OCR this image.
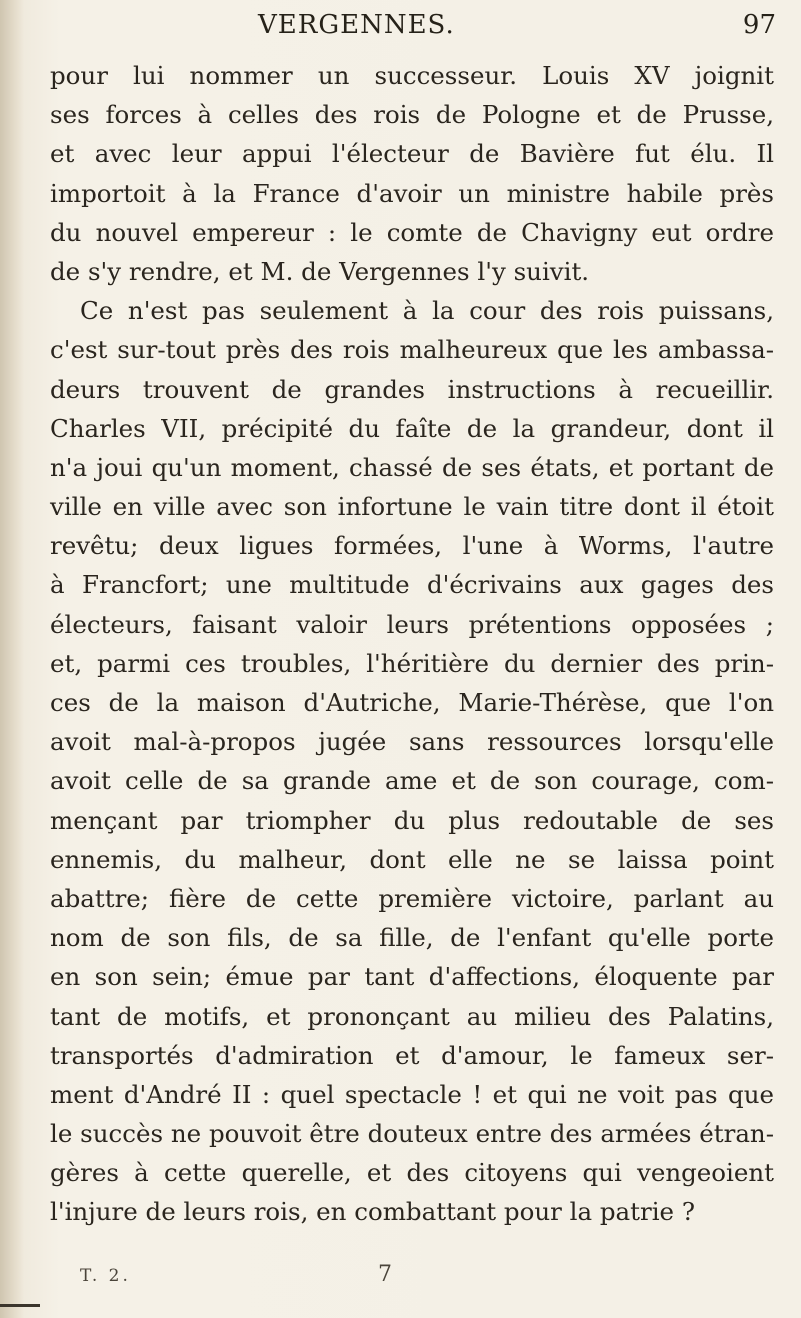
VERGENNES.	97
pour lui nommer un successeur. Louis XV joignit
ses forces à celles des rois de Pologne et de Prusse,
et avec leur appui l'électeur de Bavière fut élu. Il
importoit à la France d'avoir un ministre habile près
du nouvel empereur : le comte de Chavigny eut ordre
de s'y rendre, et M. de Vergennes l'y suivit.
Ce n'est pas seulement à la cour des rois puissans,
c'est sur-tout près des rois malheureux que les ambassa-
deurs trouvent de grandes instructions à recueillir.
Charles VII, précipité du faîte de la grandeur, dont il
n'a joui qu'un moment, chassé de ses états, et portant de
ville en ville avec son infortune le vain titre dont il étoit
revêtu; deux ligues formées, l'une à Worms, l'autre
à Francfort; une multitude d'écrivains aux gages des
électeurs, faisant valoir leurs prétentions opposées ;
et, parmi ces troubles, l'héritière du dernier des prin-
ces de la maison d'Autriche, Marie-Thérèse, que l'on
avoit mal-à-propos jugée sans ressources lorsqu'elle
avoit celle de sa grande ame et de son courage, com-
mençant par triompher du plus redoutable de ses
ennemis, du malheur, dont elle ne se laissa point
abattre; fière de cette première victoire, parlant au
nom de son fils, de sa fille, de l'enfant qu'elle porte
en son sein; émue par tant d'affections, éloquente par
tant de motifs, et prononçant au milieu des Palatins,
transportés d'admiration et d'amour, le fameux ser-
ment d'André II : quel spectacle ! et qui ne voit pas que
le succès ne pouvoit être douteux entre des armées étran-
gères à cette querelle, et des citoyens qui vengeoient
l'injure de leurs rois, en combattant pour la patrie ?
T. 2.	7
